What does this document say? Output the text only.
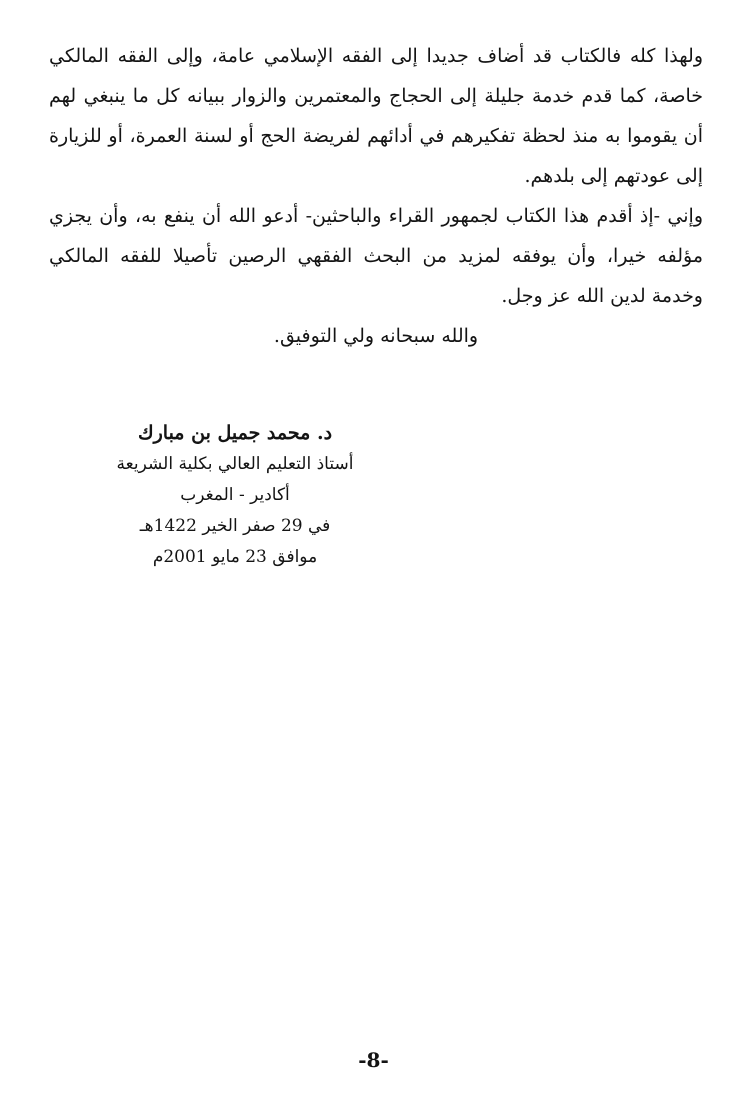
ولهذا كله فالكتاب قد أضاف جديدا إلى الفقه الإسلامي عامة، وإلى الفقه المالكي خاصة، كما قدم خدمة جليلة إلى الحجاج والمعتمرين والزوار ببيانه كل ما ينبغي لهم أن يقوموا به منذ لحظة تفكيرهم في أدائهم لفريضة الحج أو لسنة العمرة، أو للزيارة إلى عودتهم إلى بلدهم.

وإني -إذ أقدم هذا الكتاب لجمهور القراء والباحثين- أدعو الله أن ينفع به، وأن يجزي مؤلفه خيرا، وأن يوفقه لمزيد من البحث الفقهي الرصين تأصيلا للفقه المالكي وخدمة لدين الله عز وجل.

والله سبحانه ولي التوفيق.

د. محمد جميل بن مبارك
أستاذ التعليم العالي بكلية الشريعة
أكادير - المغرب
في 29 صفر الخير 1422هـ
موافق 23 مايو 2001م
-8-
